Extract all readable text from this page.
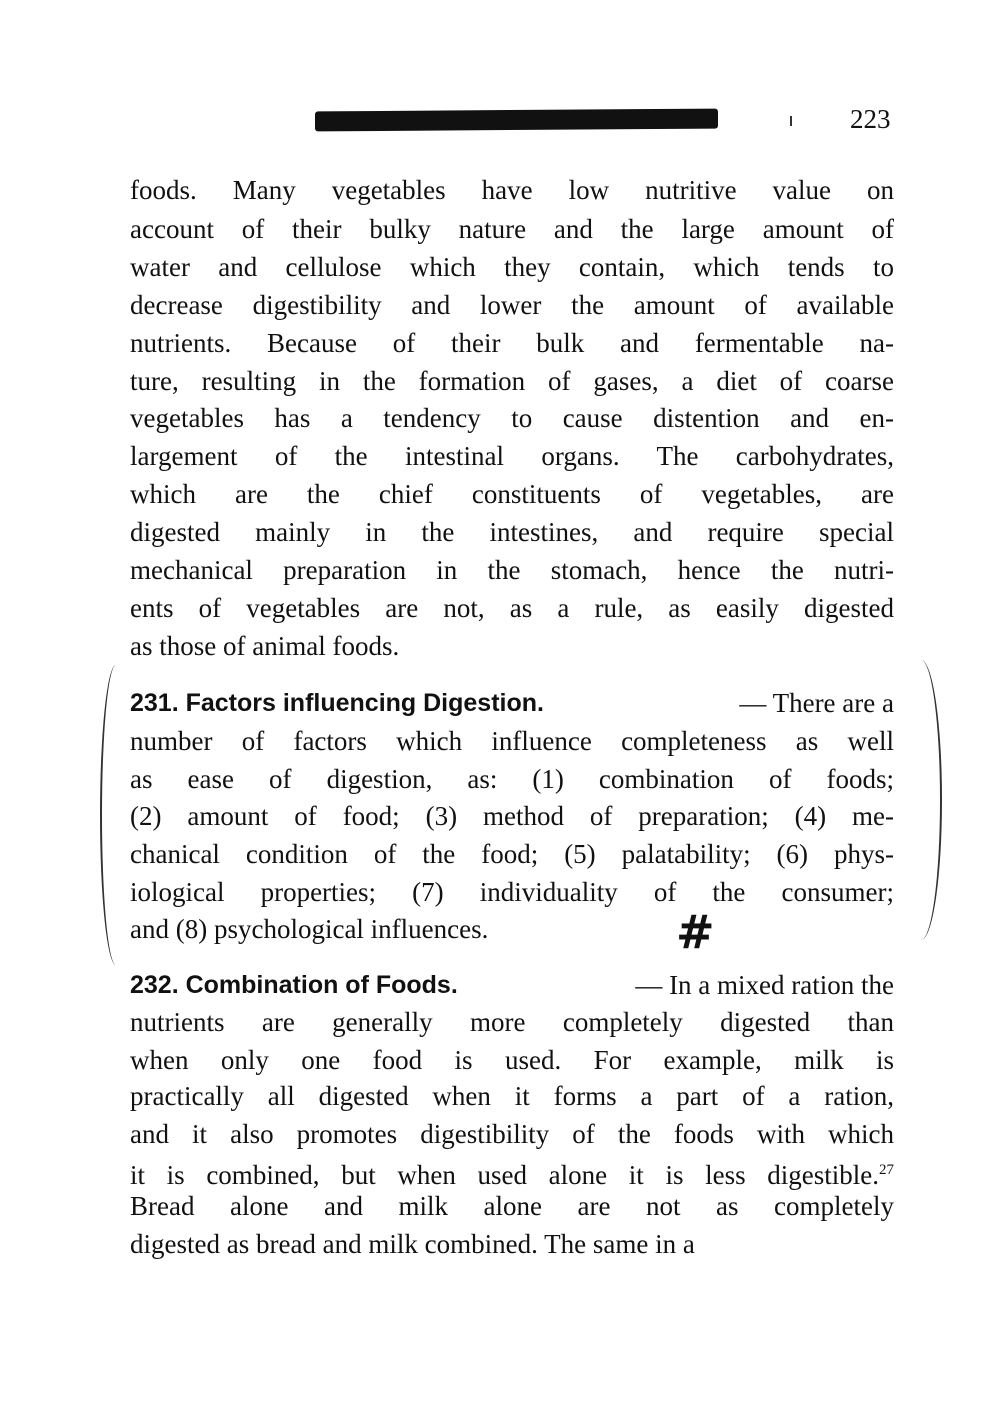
223
foods. Many vegetables have low nutritive value on
account of their bulky nature and the large amount of
water and cellulose which they contain, which tends to
decrease digestibility and lower the amount of available
nutrients. Because of their bulk and fermentable na-
ture, resulting in the formation of gases, a diet of coarse
vegetables has a tendency to cause distention and en-
largement of the intestinal organs. The carbohydrates,
which are the chief constituents of vegetables, are
digested mainly in the intestines, and require special
mechanical preparation in the stomach, hence the nutri-
ents of vegetables are not, as a rule, as easily digested
as those of animal foods.
231. Factors influencing Digestion.	— There are a
number of factors which influence completeness as well
as ease of digestion, as: (1) combination of foods;
(2) amount of food; (3) method of preparation; (4) me-
chanical condition of the food; (5) palatability; (6) phys-
iological properties; (7) individuality of the consumer;
and (8) psychological influences.
232. Combination of Foods.	— In a mixed ration the
nutrients are generally more completely digested than
when only one food is used. For example, milk is
practically all digested when it forms a part of a ration,
and it also promotes digestibility of the foods with which
it is combined, but when used alone it is less digestible.$^{27}$
Bread alone and milk alone are not as completely
digested as bread and milk combined. The same in a
#
